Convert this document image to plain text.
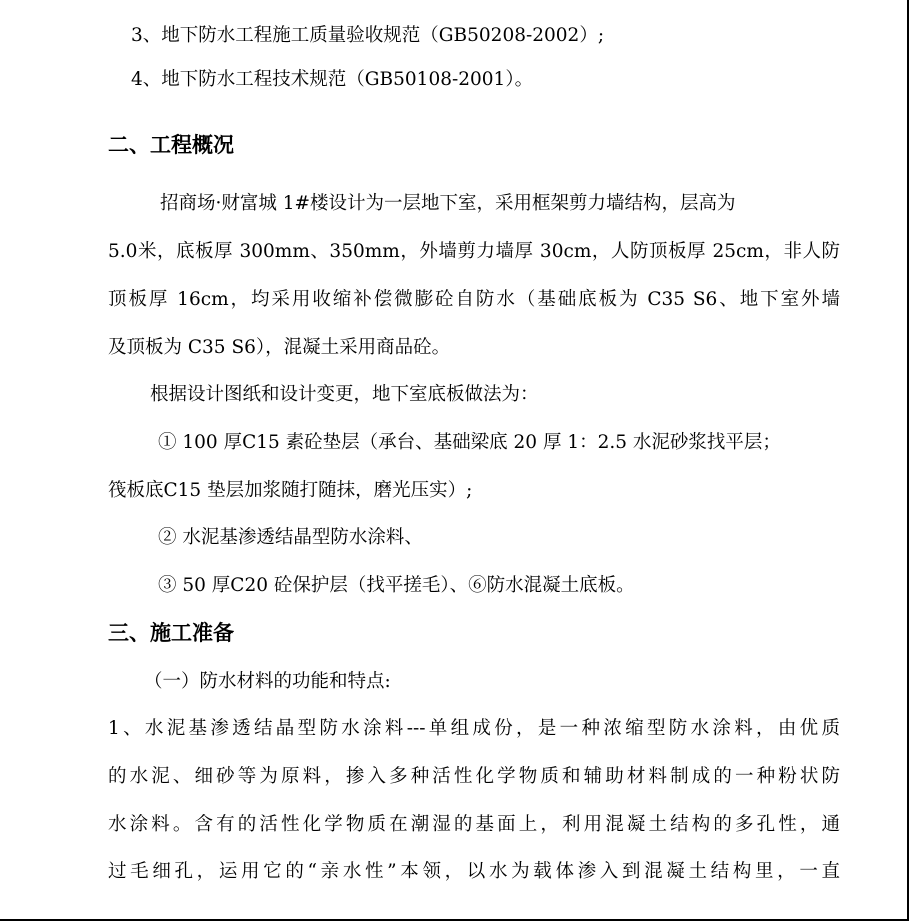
3、地下防水工程施工质量验收规范（GB50208-2002）;
4、地下防水工程技术规范（GB50108-2001）。
二、工程概况
招商场·财富城 1#楼设计为一层地下室，采用框架剪力墙结构，层高为
5.0米，底板厚 300mm、350mm，外墙剪力墙厚 30cm，人防顶板厚 25cm，非人防
顶板厚 16cm，均采用收缩补偿微膨砼自防水（基础底板为 C35 S6、地下室外墙
及顶板为 C35 S6），混凝土采用商品砼。
根据设计图纸和设计变更，地下室底板做法为：
① 100 厚C15 素砼垫层（承台、基础梁底 20 厚 1：2.5 水泥砂浆找平层；
筏板底C15 垫层加浆随打随抹，磨光压实）;
② 水泥基渗透结晶型防水涂料、
③ 50 厚C20 砼保护层（找平搓毛）、⑥防水混凝土底板。
三、施工准备
（一）防水材料的功能和特点:
1、水泥基渗透结晶型防水涂料---单组成份，是一种浓缩型防水涂料，由优质
的水泥、细砂等为原料，掺入多种活性化学物质和辅助材料制成的一种粉状防
水涂料。含有的活性化学物质在潮湿的基面上，利用混凝土结构的多孔性，通
过毛细孔，运用它的“亲水性”本领，以水为载体渗入到混凝土结构里，一直
